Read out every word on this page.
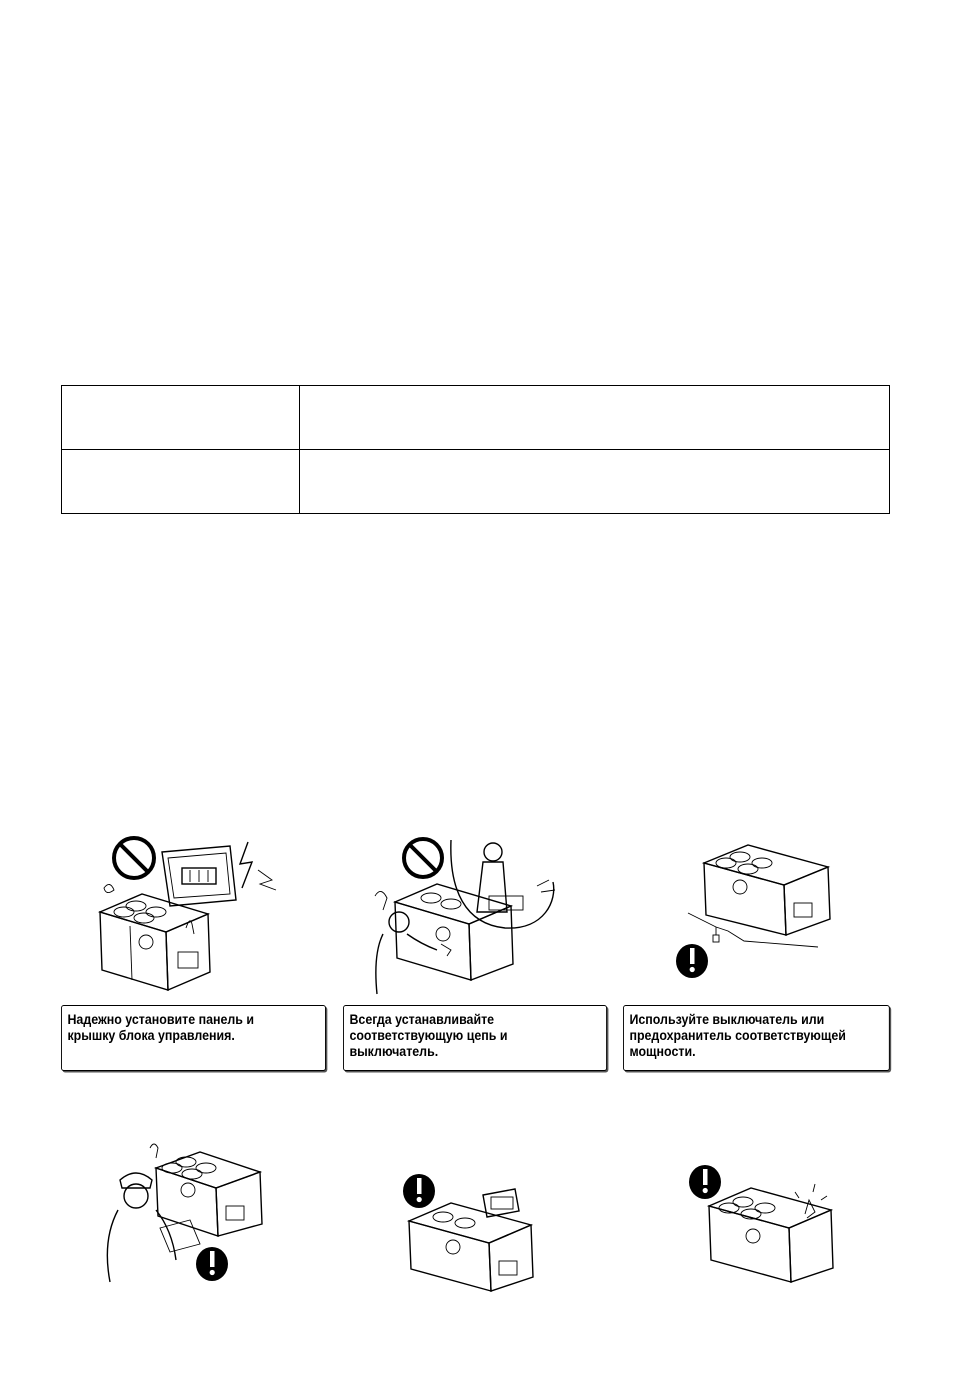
Надежно установите панель и
крышку блока управления.
Всегда устанавливайте
соответствующую цепь и
выключатель.
Используйте выключатель или
предохранитель соответствующей
мощности.
